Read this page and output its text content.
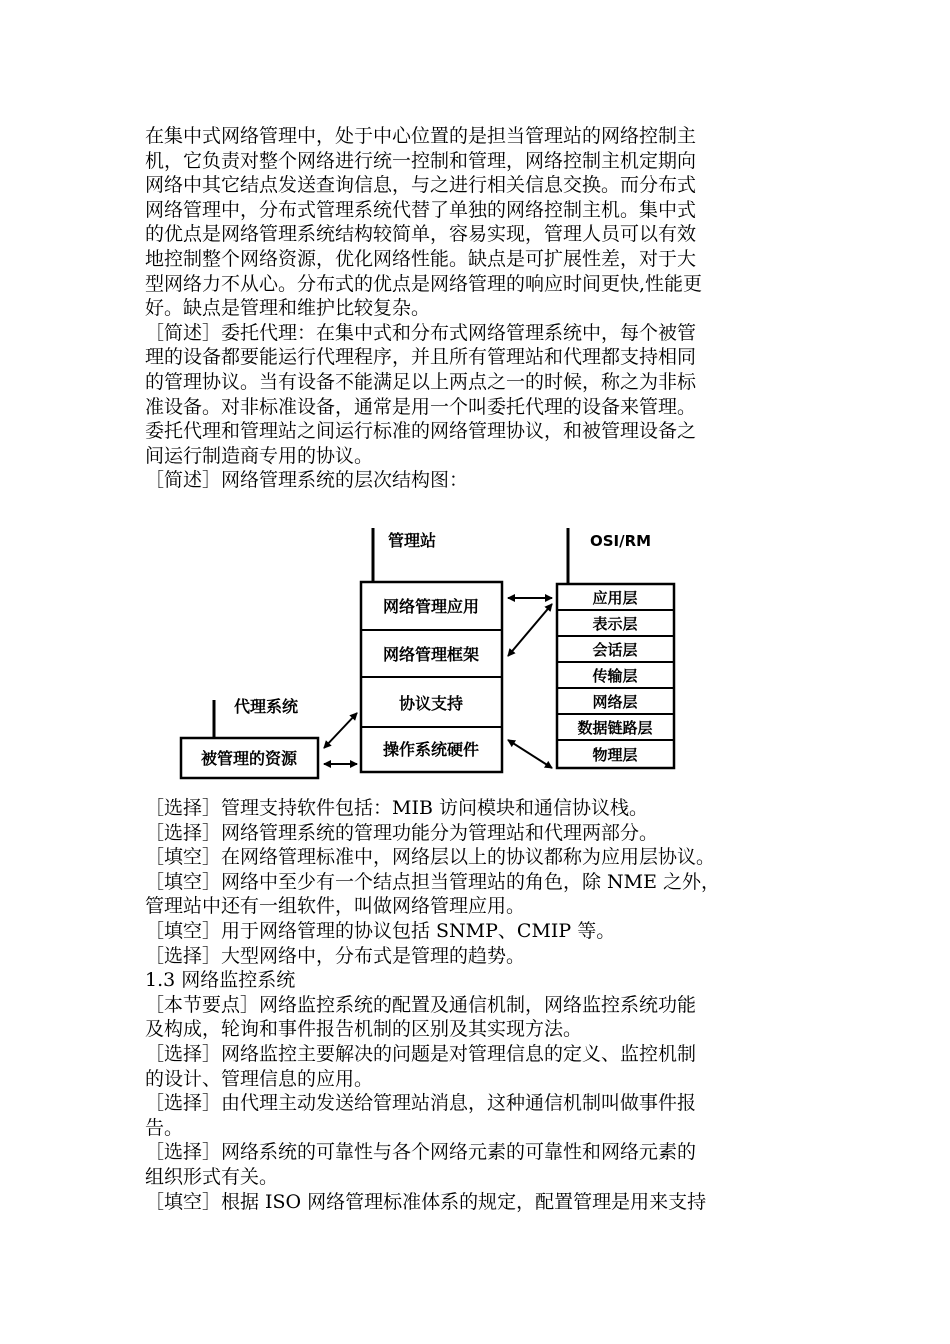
在集中式网络管理中，处于中心位置的是担当管理站的网络控制主
机，它负责对整个网络进行统一控制和管理，网络控制主机定期向
网络中其它结点发送查询信息，与之进行相关信息交换。而分布式
网络管理中，分布式管理系统代替了单独的网络控制主机。集中式
的优点是网络管理系统结构较简单，容易实现，管理人员可以有效
地控制整个网络资源，优化网络性能。缺点是可扩展性差，对于大
型网络力不从心。分布式的优点是网络管理的响应时间更快,性能更
好。缺点是管理和维护比较复杂。

［简述］委托代理：在集中式和分布式网络管理系统中，每个被管
理的设备都要能运行代理程序，并且所有管理站和代理都支持相同
的管理协议。当有设备不能满足以上两点之一的时候，称之为非标
准设备。对非标准设备，通常是用一个叫委托代理的设备来管理。
委托代理和管理站之间运行标准的网络管理协议，和被管理设备之
间运行制造商专用的协议。

［简述］网络管理系统的层次结构图：

管理站	OSI/RM
网络管理应用
网络管理框架
协议支持
操作系统硬件
应用层
表示层
会话层
传输层
网络层
数据链路层
物理层
代理系统
被管理的资源

［选择］管理支持软件包括：MIB 访问模块和通信协议栈。

［选择］网络管理系统的管理功能分为管理站和代理两部分。

［填空］在网络管理标准中，网络层以上的协议都称为应用层协议。

［填空］网络中至少有一个结点担当管理站的角色，除 NME 之外，
管理站中还有一组软件，叫做网络管理应用。

［填空］用于网络管理的协议包括 SNMP、CMIP 等。

［选择］大型网络中，分布式是管理的趋势。

1.3 网络监控系统

［本节要点］网络监控系统的配置及通信机制，网络监控系统功能
及构成，轮询和事件报告机制的区别及其实现方法。

［选择］网络监控主要解决的问题是对管理信息的定义、监控机制
的设计、管理信息的应用。

［选择］由代理主动发送给管理站消息，这种通信机制叫做事件报
告。

［选择］网络系统的可靠性与各个网络元素的可靠性和网络元素的
组织形式有关。

［填空］根据 ISO 网络管理标准体系的规定，配置管理是用来支持
